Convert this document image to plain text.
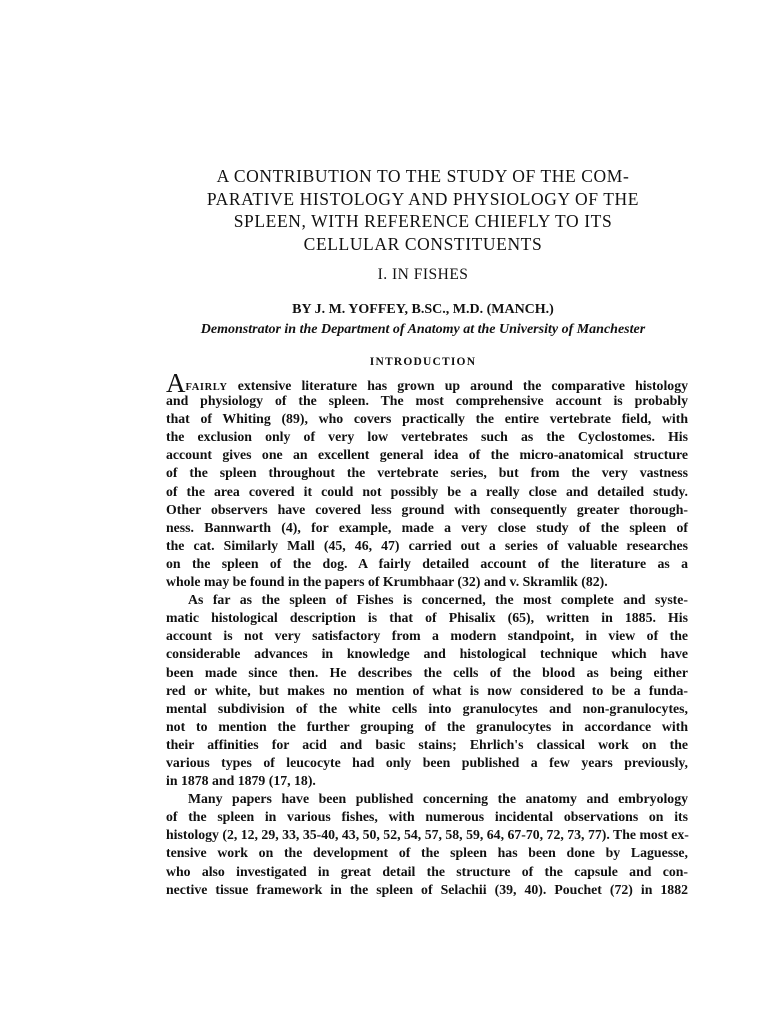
A CONTRIBUTION TO THE STUDY OF THE COM-
PARATIVE HISTOLOGY AND PHYSIOLOGY OF THE
SPLEEN, WITH REFERENCE CHIEFLY TO ITS
CELLULAR CONSTITUENTS
I. IN FISHES

BY J. M. YOFFEY, B.SC., M.D. (MANCH.)

Demonstrator in the Department of Anatomy at the University of Manchester

INTRODUCTION
AFAIRLY extensive literature has grown up around the comparative histology
and physiology of the spleen. The most comprehensive account is probably
that of Whiting (89), who covers practically the entire vertebrate field, with
the exclusion only of very low vertebrates such as the Cyclostomes. His
account gives one an excellent general idea of the micro-anatomical structure
of the spleen throughout the vertebrate series, but from the very vastness
of the area covered it could not possibly be a really close and detailed study.
Other observers have covered less ground with consequently greater thorough-
ness. Bannwarth (4), for example, made a very close study of the spleen of
the cat. Similarly Mall (45, 46, 47) carried out a series of valuable researches
on the spleen of the dog. A fairly detailed account of the literature as a
whole may be found in the papers of Krumbhaar (32) and v. Skramlik (82).
As far as the spleen of Fishes is concerned, the most complete and syste-
matic histological description is that of Phisalix (65), written in 1885. His
account is not very satisfactory from a modern standpoint, in view of the
considerable advances in knowledge and histological technique which have
been made since then. He describes the cells of the blood as being either
red or white, but makes no mention of what is now considered to be a funda-
mental subdivision of the white cells into granulocytes and non-granulocytes,
not to mention the further grouping of the granulocytes in accordance with
their affinities for acid and basic stains; Ehrlich's classical work on the
various types of leucocyte had only been published a few years previously,
in 1878 and 1879 (17, 18).
Many papers have been published concerning the anatomy and embryology
of the spleen in various fishes, with numerous incidental observations on its
histology (2, 12, 29, 33, 35-40, 43, 50, 52, 54, 57, 58, 59, 64, 67-70, 72, 73, 77). The most ex-
tensive work on the development of the spleen has been done by Laguesse,
who also investigated in great detail the structure of the capsule and con-
nective tissue framework in the spleen of Selachii (39, 40). Pouchet (72) in 1882
